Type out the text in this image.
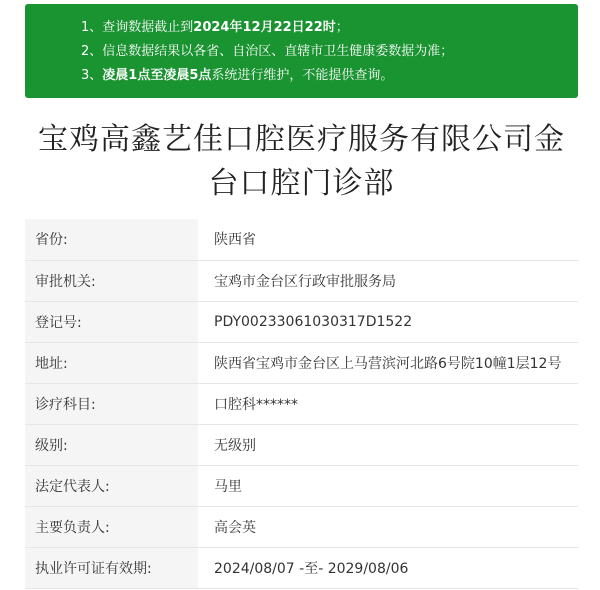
1、查询数据截止到2024年12月22日22时；
2、信息数据结果以各省、自治区、直辖市卫生健康委数据为准；
3、凌晨1点至凌晨5点系统进行维护，不能提供查询。
宝鸡高鑫艺佳口腔医疗服务有限公司金台口腔门诊部
省份:	陕西省
审批机关:	宝鸡市金台区行政审批服务局
登记号:	PDY00233061030317D1522
地址:	陕西省宝鸡市金台区上马营滨河北路6号院10幢1层12号
诊疗科目:	口腔科******
级别:	无级别
法定代表人:	马里
主要负责人:	高会英
执业许可证有效期:	2024/08/07 -至- 2029/08/06
